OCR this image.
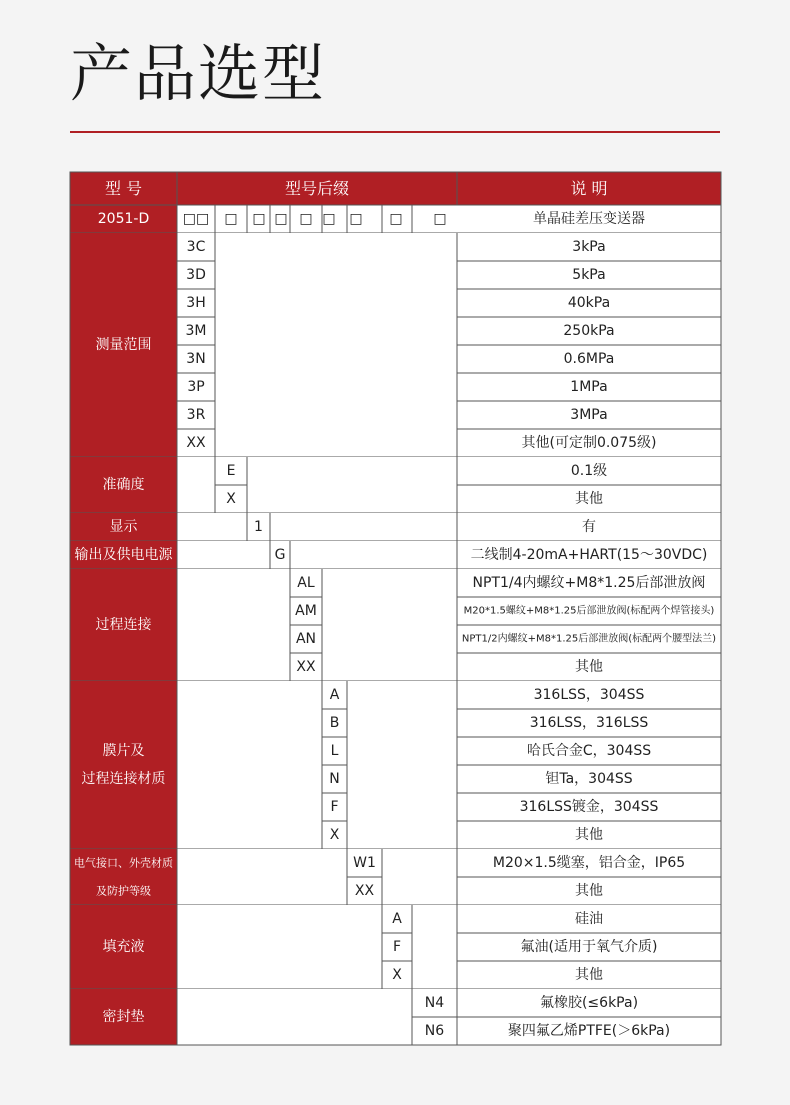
产品选型
型 号	型号后缀	说 明
2051-D □□ □ □ □ □ □ □ □ □	单晶硅差压变送器
测量范围
3C	3kPa
3D	5kPa
3H	40kPa
3M	250kPa
3N	0.6MPa
3P	1MPa
3R	3MPa
XX	其他(可定制0.075级)
准确度
E	0.1级
X	其他
显示	1	有
输出及供电电源	G	二线制4-20mA+HART(15～30VDC)
过程连接
AL	NPT1/4内螺纹+M8*1.25后部泄放阀
AM	M20*1.5螺纹+M8*1.25后部泄放阀(标配两个焊管接头)
AN	NPT1/2内螺纹+M8*1.25后部泄放阀(标配两个腰型法兰)
XX	其他
膜片及
过程连接材质
A	316LSS，304SS
B	316LSS，316LSS
L	哈氏合金C，304SS
N	钽Ta，304SS
F	316LSS镀金，304SS
X	其他
电气接口、外壳材质
及防护等级
W1	M20×1.5缆塞，铝合金，IP65
XX	其他
填充液
A	硅油
F	氟油(适用于氧气介质)
X	其他
密封垫
N4	氟橡胶(≤6kPa)
N6	聚四氟乙烯PTFE(＞6kPa)
